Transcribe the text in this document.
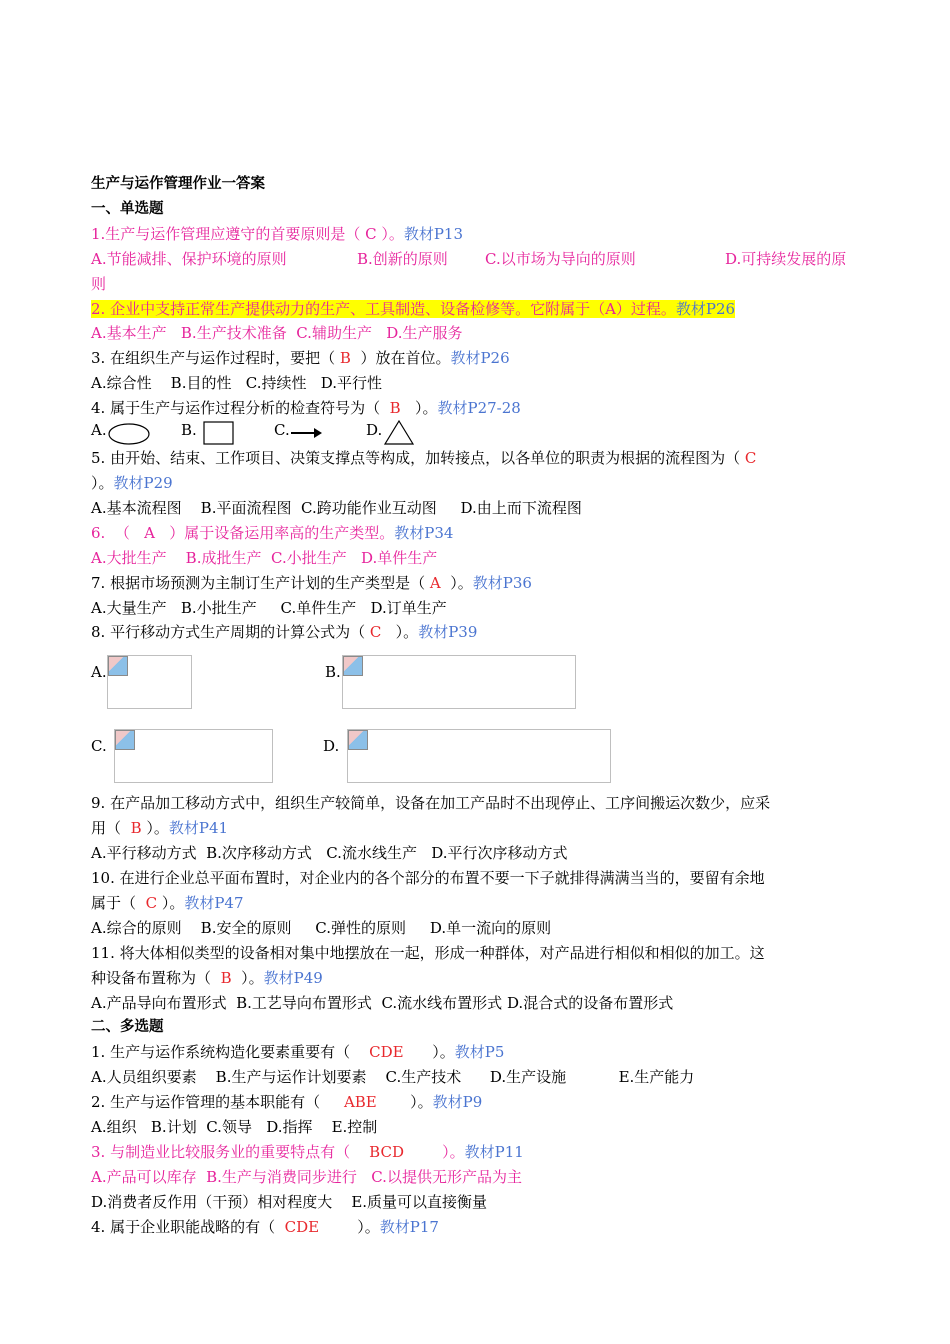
生产与运作管理作业一答案
一、单选题
1.生产与运作管理应遵守的首要原则是（ C ）。教材P13
A.节能减排、保护环境的原则	B.创新的原则 C.以市场为导向的原则	D.可持续发展的原
则
2. 企业中支持正常生产提供动力的生产、工具制造、设备检修等。它附属于（A）过程。教材P26
A.基本生产   B.生产技术准备  C.辅助生产   D.生产服务
3. 在组织生产与运作过程时，要把（ B ）放在首位。教材P26
A.综合性    B.目的性   C.持续性   D.平行性
4. 属于生产与运作过程分析的检查符号为（ B ）。教材P27-28
A.	B.	C.	D.
5. 由开始、结束、工作项目、决策支撑点等构成，加转接点，以各单位的职责为根据的流程图为（ C
）。教材P29
A.基本流程图    B.平面流程图  C.跨功能作业互动图     D.由上而下流程图
6.  （   A   ）属于设备运用率高的生产类型。教材P34
A.大批生产    B.成批生产  C.小批生产   D.单件生产
7. 根据市场预测为主制订生产计划的生产类型是（ A ）。教材P36
A.大量生产   B.小批生产     C.单件生产   D.订单生产
8. 平行移动方式生产周期的计算公式为（ C ）。教材P39
A.	B.
C.	D.
9. 在产品加工移动方式中，组织生产较简单，设备在加工产品时不出现停止、工序间搬运次数少，应采
用（ B ）。教材P41
A.平行移动方式  B.次序移动方式   C.流水线生产   D.平行次序移动方式
10. 在进行企业总平面布置时，对企业内的各个部分的布置不要一下子就排得满满当当的，要留有余地
属于（ C ）。教材P47
A.综合的原则    B.安全的原则     C.弹性的原则     D.单一流向的原则
11. 将大体相似类型的设备相对集中地摆放在一起，形成一种群体，对产品进行相似和相似的加工。这
种设备布置称为（ B ）。教材P49
A.产品导向布置形式  B.工艺导向布置形式  C.流水线布置形式 D.混合式的设备布置形式
二、多选题
1. 生产与运作系统构造化要素重要有（ CDE ）。教材P5
A.人员组织要素    B.生产与运作计划要素    C.生产技术      D.生产设施           E.生产能力
2. 生产与运作管理的基本职能有（ ABE ）。教材P9
A.组织   B.计划  C.领导   D.指挥    E.控制
3. 与制造业比较服务业的重要特点有（ BCD	）。教材P11
A.产品可以库存  B.生产与消费同步进行   C.以提供无形产品为主
D.消费者反作用（干预）相对程度大    E.质量可以直接衡量
4. 属于企业职能战略的有（ CDE	）。教材P17
